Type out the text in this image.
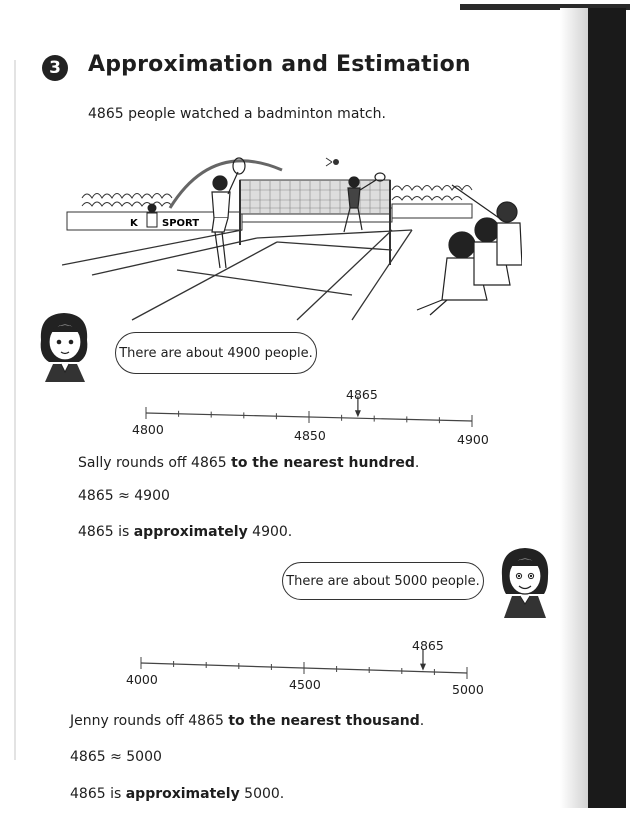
3	Approximation and Estimation
4865 people watched a badminton match.
K SPORT
There are about 4900 people.
4865
4800	4850	4900
Sally rounds off 4865 to the nearest hundred.
4865 ≈ 4900
4865 is approximately 4900.
There are about 5000 people.
4865
4000	4500	5000
Jenny rounds off 4865 to the nearest thousand.
4865 ≈ 5000
4865 is approximately 5000.
